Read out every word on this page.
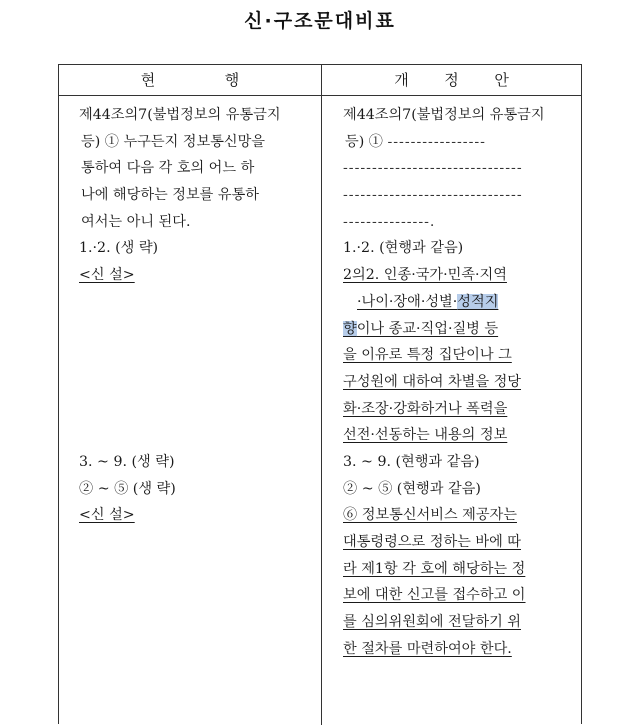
신·구조문대비표
현	행	개 정 안
제44조의7(불법정보의 유통금지
등) ① 누구든지 정보통신망을
통하여 다음 각 호의 어느 하
나에 해당하는 정보를 유통하
여서는 아니 된다.
1.·2. (생 략)
<신 설>
3. ~ 9. (생 략)
② ~ ⑤ (생 략)
<신 설>
제44조의7(불법정보의 유통금지
등) ① -----------------
-------------------------------
-------------------------------
---------------.
1.·2. (현행과 같음)
2의2. 인종·국가·민족·지역
·나이·장애·성별·성적지
향이나 종교·직업·질병 등
을 이유로 특정 집단이나 그
구성원에 대하여 차별을 정당
화·조장·강화하거나 폭력을
선전·선동하는 내용의 정보
3. ~ 9. (현행과 같음)
② ~ ⑤ (현행과 같음)
⑥ 정보통신서비스 제공자는
대통령령으로 정하는 바에 따
라 제1항 각 호에 해당하는 정
보에 대한 신고를 접수하고 이
를 심의위원회에 전달하기 위
한 절차를 마련하여야 한다.
